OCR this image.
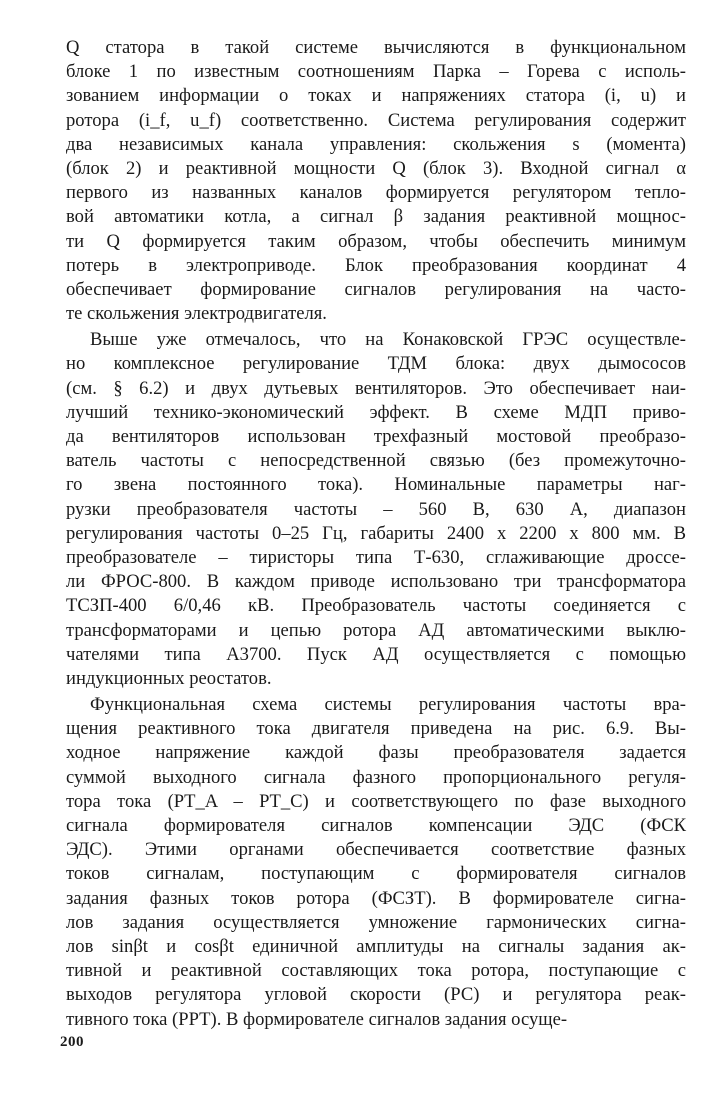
Q статора в такой системе вычисляются в функциональном
блоке 1 по известным соотношениям Парка – Горева с исполь-
зованием информации о токах и напряжениях статора (i, u) и
ротора (i_f, u_f) соответственно. Система регулирования содержит
два независимых канала управления: скольжения s (момента)
(блок 2) и реактивной мощности Q (блок 3). Входной сигнал α
первого из названных каналов формируется регулятором тепло-
вой автоматики котла, а сигнал β задания реактивной мощнос-
ти Q формируется таким образом, чтобы обеспечить минимум
потерь в электроприводе. Блок преобразования координат 4
обеспечивает формирование сигналов регулирования на часто-
те скольжения электродвигателя.
Выше уже отмечалось, что на Конаковской ГРЭС осуществле-
но комплексное регулирование ТДМ блока: двух дымососов
(см. § 6.2) и двух дутьевых вентиляторов. Это обеспечивает наи-
лучший технико-экономический эффект. В схеме МДП приво-
да вентиляторов использован трехфазный мостовой преобразо-
ватель частоты с непосредственной связью (без промежуточно-
го звена постоянного тока). Номинальные параметры наг-
рузки преобразователя частоты – 560 В, 630 А, диапазон
регулирования частоты 0–25 Гц, габариты 2400 x 2200 x 800 мм. В
преобразователе – тиристоры типа Т-630, сглаживающие дроссе-
ли ФРОС-800. В каждом приводе использовано три трансформатора
ТСЗП-400 6/0,46 кВ. Преобразователь частоты соединяется с
трансформаторами и цепью ротора АД автоматическими выклю-
чателями типа А3700. Пуск АД осуществляется с помощью
индукционных реостатов.
Функциональная схема системы регулирования частоты вра-
щения реактивного тока двигателя приведена на рис. 6.9. Вы-
ходное напряжение каждой фазы преобразователя задается
суммой выходного сигнала фазного пропорционального регуля-
тора тока (PT_A – PT_C) и соответствующего по фазе выходного
сигнала формирователя сигналов компенсации ЭДС (ФСК
ЭДС). Этими органами обеспечивается соответствие фазных
токов сигналам, поступающим с формирователя сигналов
задания фазных токов ротора (ФСЗТ). В формирователе сигна-
лов задания осуществляется умножение гармонических сигна-
лов sinβt и cosβt единичной амплитуды на сигналы задания ак-
тивной и реактивной составляющих тока ротора, поступающие с
выходов регулятора угловой скорости (РС) и регулятора реак-
тивного тока (РРТ). В формирователе сигналов задания осуще-
200
